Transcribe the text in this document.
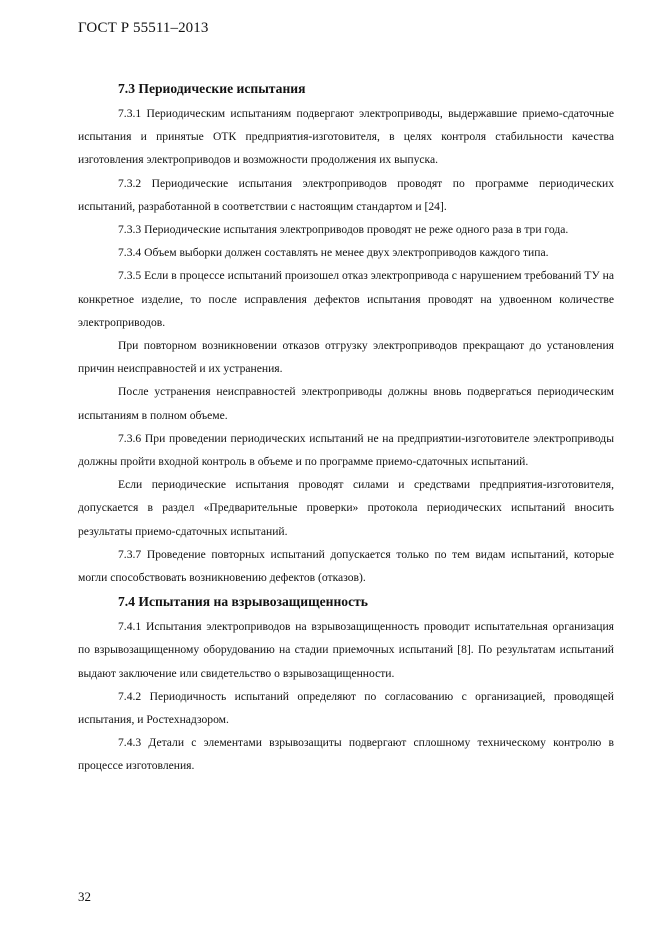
ГОСТ Р 55511–2013
7.3 Периодические испытания

7.3.1 Периодическим испытаниям подвергают электроприводы, выдержавшие приемо-сдаточные испытания и принятые ОТК предприятия-изготовителя, в целях контроля стабильности качества изготовления электроприводов и возможности продолжения их выпуска.

7.3.2 Периодические испытания электроприводов проводят по программе периодических испытаний, разработанной в соответствии с настоящим стандартом и [24].

7.3.3 Периодические испытания электроприводов проводят не реже одного раза в три года.

7.3.4 Объем выборки должен составлять не менее двух электроприводов каждого типа.

7.3.5 Если в процессе испытаний произошел отказ электропривода с нарушением требований ТУ на конкретное изделие, то после исправления дефектов испытания проводят на удвоенном количестве электроприводов.

При повторном возникновении отказов отгрузку электроприводов прекращают до установления причин неисправностей и их устранения.

После устранения неисправностей электроприводы должны вновь подвергаться периодическим испытаниям в полном объеме.

7.3.6 При проведении периодических испытаний не на предприятии-изготовителе электроприводы должны пройти входной контроль в объеме и по программе приемо-сдаточных испытаний.

Если периодические испытания проводят силами и средствами предприятия-изготовителя, допускается в раздел «Предварительные проверки» протокола периодических испытаний вносить результаты приемо-сдаточных испытаний.

7.3.7 Проведение повторных испытаний допускается только по тем видам испытаний, которые могли способствовать возникновению дефектов (отказов).

7.4 Испытания на взрывозащищенность

7.4.1 Испытания электроприводов на взрывозащищенность проводит испытательная организация по взрывозащищенному оборудованию на стадии приемочных испытаний [8]. По результатам испытаний выдают заключение или свидетельство о взрывозащищенности.

7.4.2 Периодичность испытаний определяют по согласованию с организацией, проводящей испытания, и Ростехнадзором.

7.4.3 Детали с элементами взрывозащиты подвергают сплошному техническому контролю в процессе изготовления.

32
